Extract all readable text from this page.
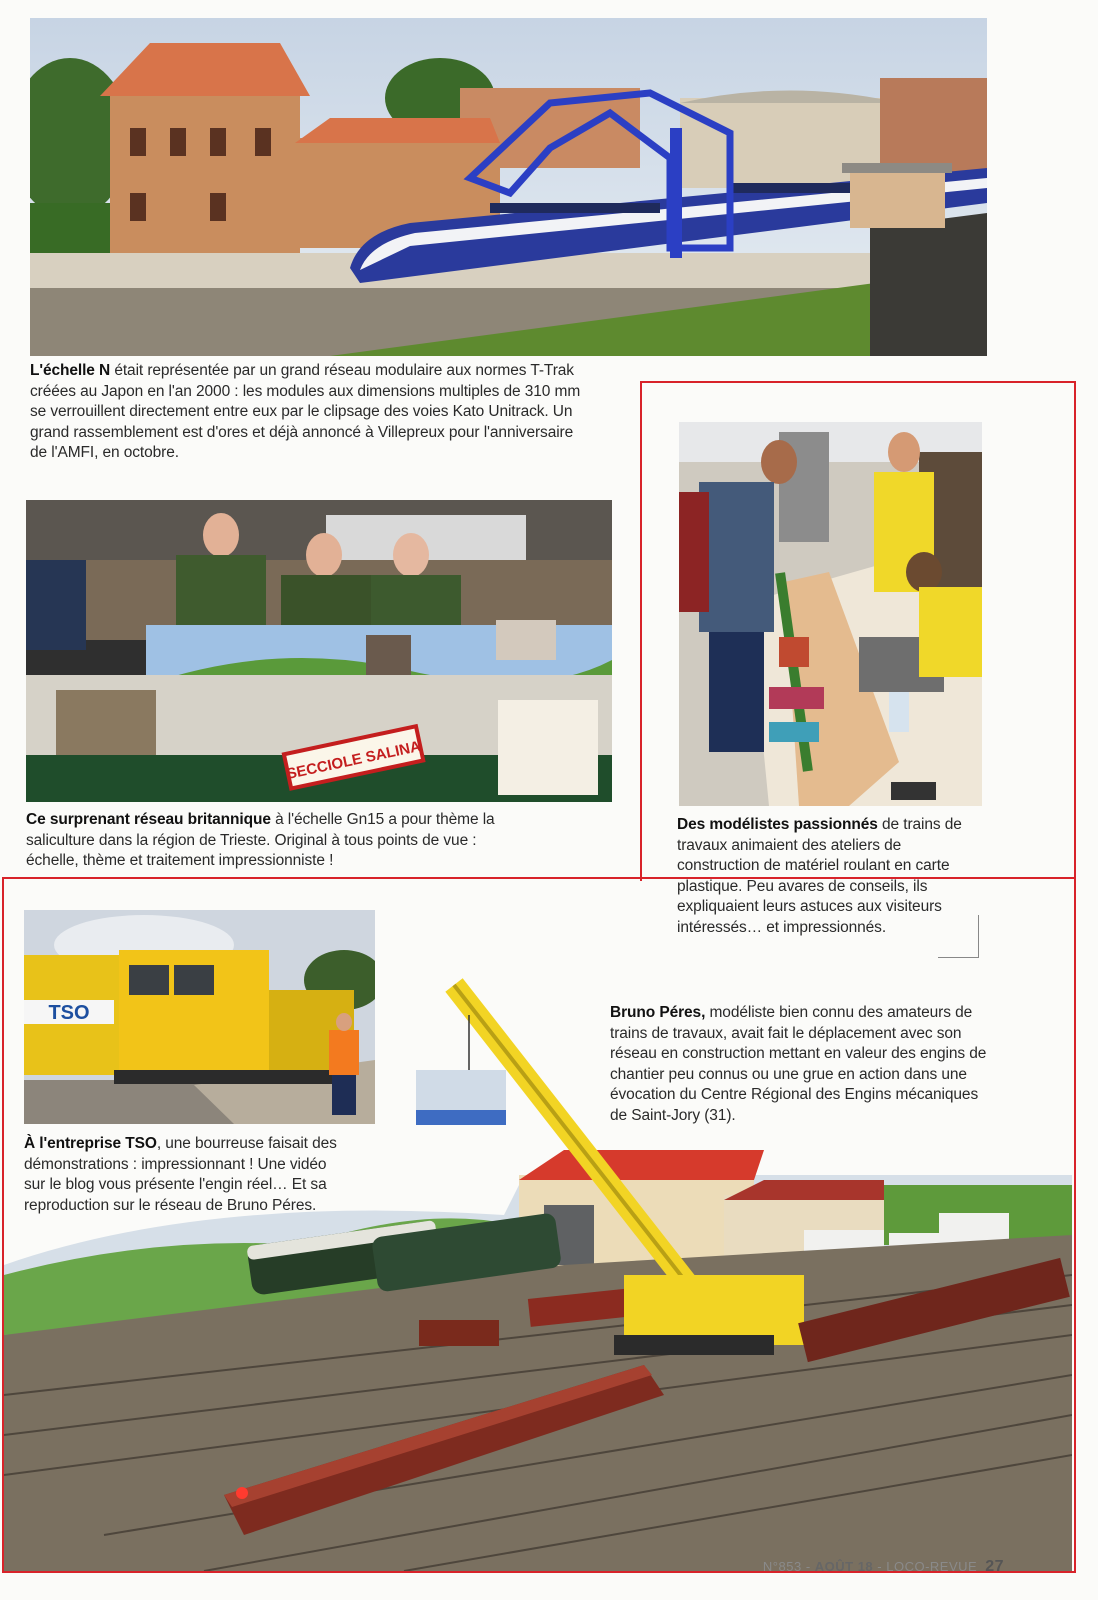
L'échelle N était représentée par un grand réseau modulaire aux normes T-Trak créées au Japon en l'an 2000 : les modules aux dimensions multiples de 310 mm se verrouillent directement entre eux par le clipsage des voies Kato Unitrack. Un grand rassemblement est d'ores et déjà annoncé à Villepreux pour l'anniversaire de l'AMFI, en octobre.
SECCIOLE SALINA
Ce surprenant réseau britannique à l'échelle Gn15 a pour thème la saliculture dans la région de Trieste. Original à tous points de vue : échelle, thème et traitement impressionniste !
Des modélistes passionnés de trains de travaux animaient des ateliers de construction de matériel roulant en carte plastique. Peu avares de conseils, ils expliquaient leurs astuces aux visiteurs intéressés… et impressionnés.
TSO
À l'entreprise TSO, une bourreuse faisait des démonstrations : impressionnant ! Une vidéo sur le blog vous présente l'engin réel… Et sa reproduction sur le réseau de Bruno Péres.
Bruno Péres, modéliste bien connu des amateurs de trains de travaux, avait fait le déplacement avec son réseau en construction mettant en valeur des engins de chantier peu connus ou une grue en action dans une évocation du Centre Régional des Engins mécaniques de Saint-Jory (31).
N°853 - AOÛT 18 - LOCO-REVUE 27
